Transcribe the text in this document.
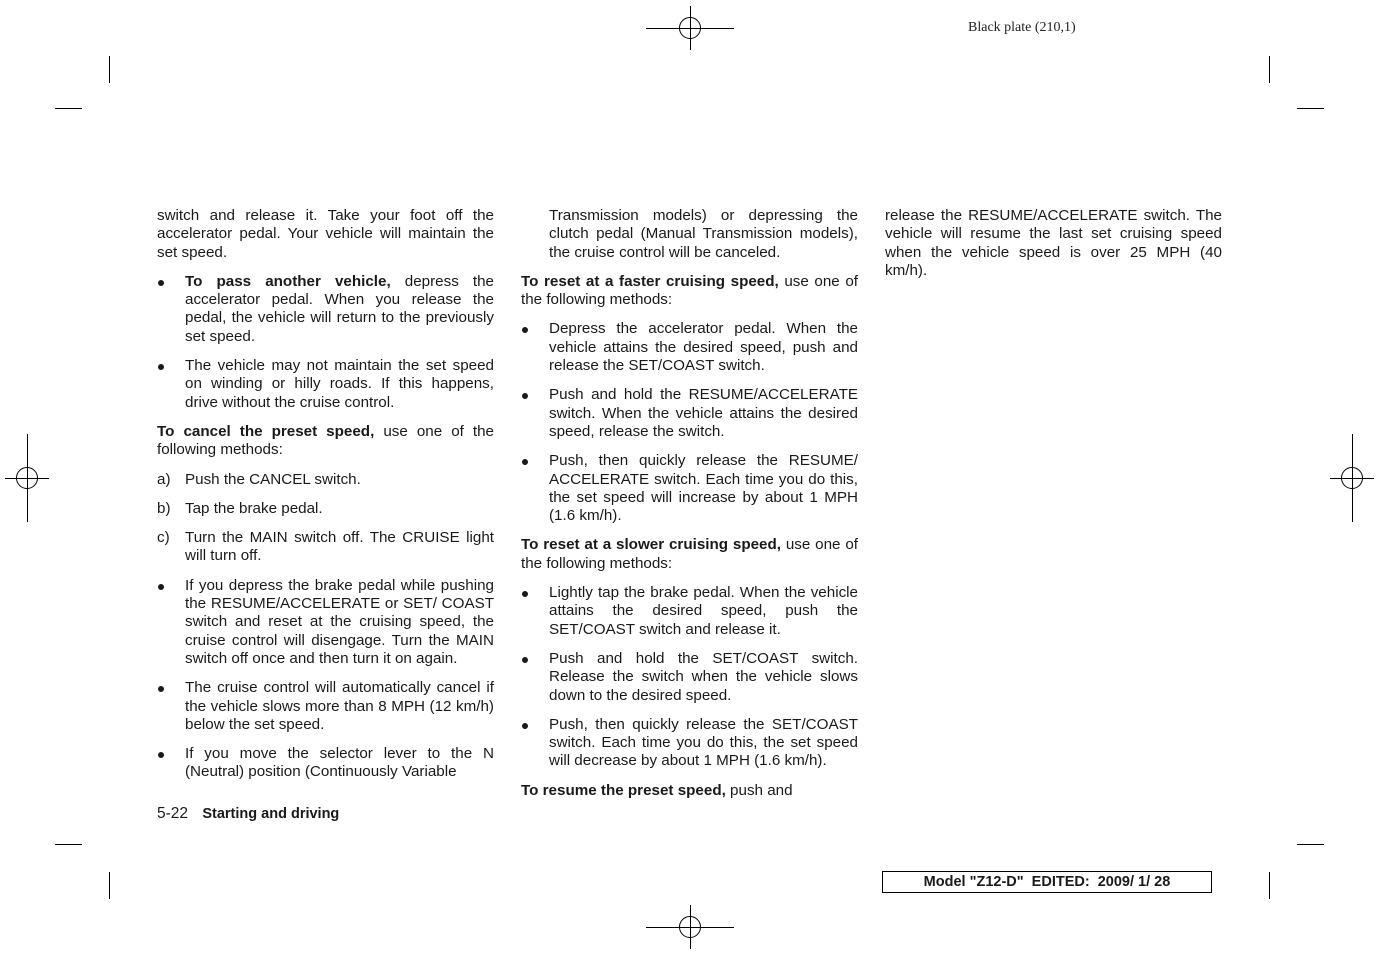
Black plate (210,1)

switch and release it. Take your foot off the accelerator pedal. Your vehicle will maintain the set speed.

To pass another vehicle, depress the accelerator pedal. When you release the pedal, the vehicle will return to the previously set speed.
The vehicle may not maintain the set speed on winding or hilly roads. If this happens, drive without the cruise control.

To cancel the preset speed, use one of the following methods:

a) Push the CANCEL switch.
b) Tap the brake pedal.
c) Turn the MAIN switch off. The CRUISE light will turn off.
If you depress the brake pedal while pushing the RESUME/ACCELERATE or SET/ COAST switch and reset at the cruising speed, the cruise control will disengage. Turn the MAIN switch off once and then turn it on again.
The cruise control will automatically cancel if the vehicle slows more than 8 MPH (12 km/h) below the set speed.
If you move the selector lever to the N (Neutral) position (Continuously Variable

Transmission models) or depressing the clutch pedal (Manual Transmission models), the cruise control will be canceled.

To reset at a faster cruising speed, use one of the following methods:

Depress the accelerator pedal. When the vehicle attains the desired speed, push and release the SET/COAST switch.
Push and hold the RESUME/ACCELERATE switch. When the vehicle attains the desired speed, release the switch.
Push, then quickly release the RESUME/ ACCELERATE switch. Each time you do this, the set speed will increase by about 1 MPH (1.6 km/h).

To reset at a slower cruising speed, use one of the following methods:

Lightly tap the brake pedal. When the vehicle attains the desired speed, push the SET/COAST switch and release it.
Push and hold the SET/COAST switch. Release the switch when the vehicle slows down to the desired speed.
Push, then quickly release the SET/COAST switch. Each time you do this, the set speed will decrease by about 1 MPH (1.6 km/h).

To resume the preset speed, push and

release the RESUME/ACCELERATE switch. The vehicle will resume the last set cruising speed when the vehicle speed is over 25 MPH (40 km/h).

5-22 Starting and driving
Model "Z12-D"  EDITED:  2009/ 1/ 28
